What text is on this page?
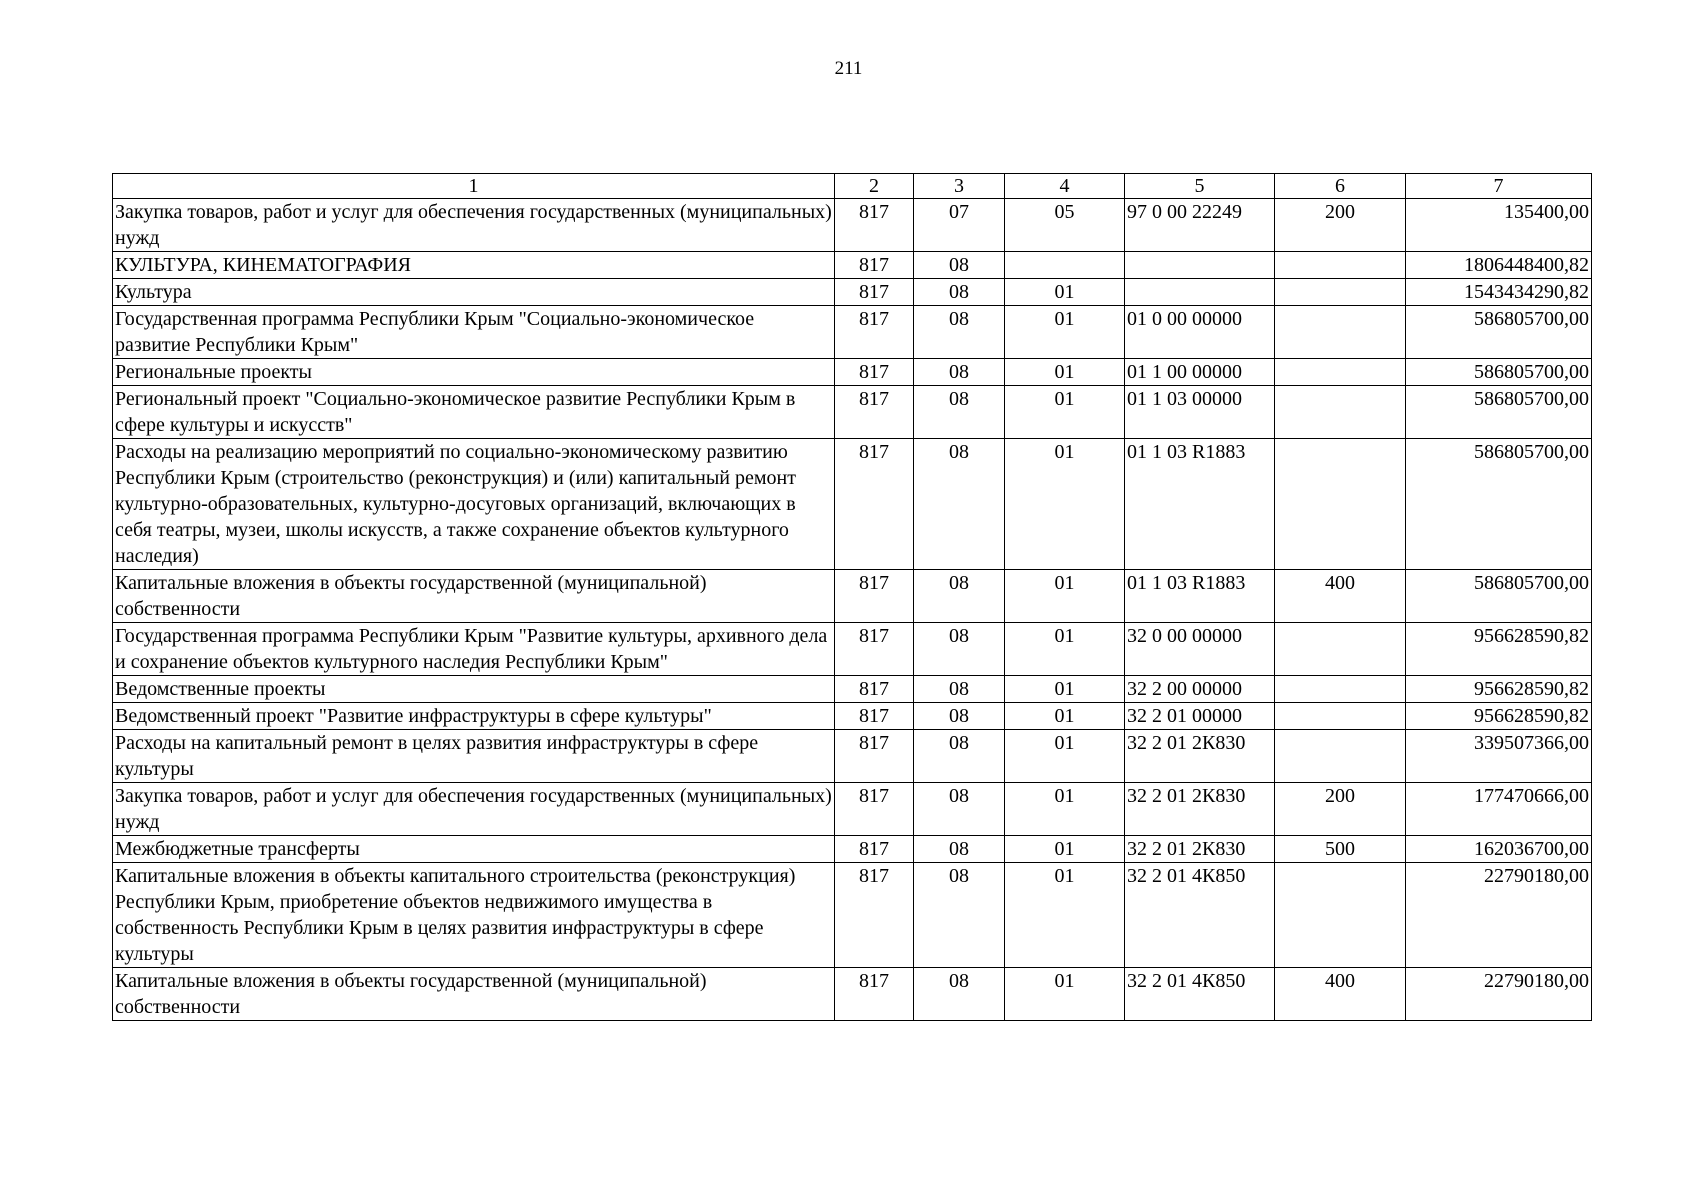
211
1	2	3	4	5	6	7
Закупка товаров, работ и услуг для обеспечения государственных (муниципальных) нужд	817	07	05	97 0 00 22249	200	135400,00
КУЛЬТУРА, КИНЕМАТОГРАФИЯ	817	08				1806448400,82
Культура	817	08	01			1543434290,82
Государственная программа Республики Крым "Социально-экономическое развитие Республики Крым"	817	08	01	01 0 00 00000		586805700,00
Региональные проекты	817	08	01	01 1 00 00000		586805700,00
Региональный проект "Социально-экономическое развитие Республики Крым в сфере культуры и искусств"	817	08	01	01 1 03 00000		586805700,00
Расходы на реализацию мероприятий по социально-экономическому развитию Республики Крым (строительство (реконструкция) и (или) капитальный ремонт культурно-образовательных, культурно-досуговых организаций, включающих в себя театры, музеи, школы искусств, а также сохранение объектов культурного наследия)	817	08	01	01 1 03 R1883		586805700,00
Капитальные вложения в объекты государственной (муниципальной) собственности	817	08	01	01 1 03 R1883	400	586805700,00
Государственная программа Республики Крым "Развитие культуры, архивного дела и сохранение объектов культурного наследия Республики Крым"	817	08	01	32 0 00 00000		956628590,82
Ведомственные проекты	817	08	01	32 2 00 00000		956628590,82
Ведомственный проект "Развитие инфраструктуры в сфере культуры"	817	08	01	32 2 01 00000		956628590,82
Расходы на капитальный ремонт в целях развития инфраструктуры в сфере культуры	817	08	01	32 2 01 2К830		339507366,00
Закупка товаров, работ и услуг для обеспечения государственных (муниципальных) нужд	817	08	01	32 2 01 2К830	200	177470666,00
Межбюджетные трансферты	817	08	01	32 2 01 2К830	500	162036700,00
Капитальные вложения в объекты капитального строительства (реконструкция) Республики Крым, приобретение объектов недвижимого имущества в собственность Республики Крым в целях развития инфраструктуры в сфере культуры	817	08	01	32 2 01 4К850		22790180,00
Капитальные вложения в объекты государственной (муниципальной) собственности	817	08	01	32 2 01 4К850	400	22790180,00
